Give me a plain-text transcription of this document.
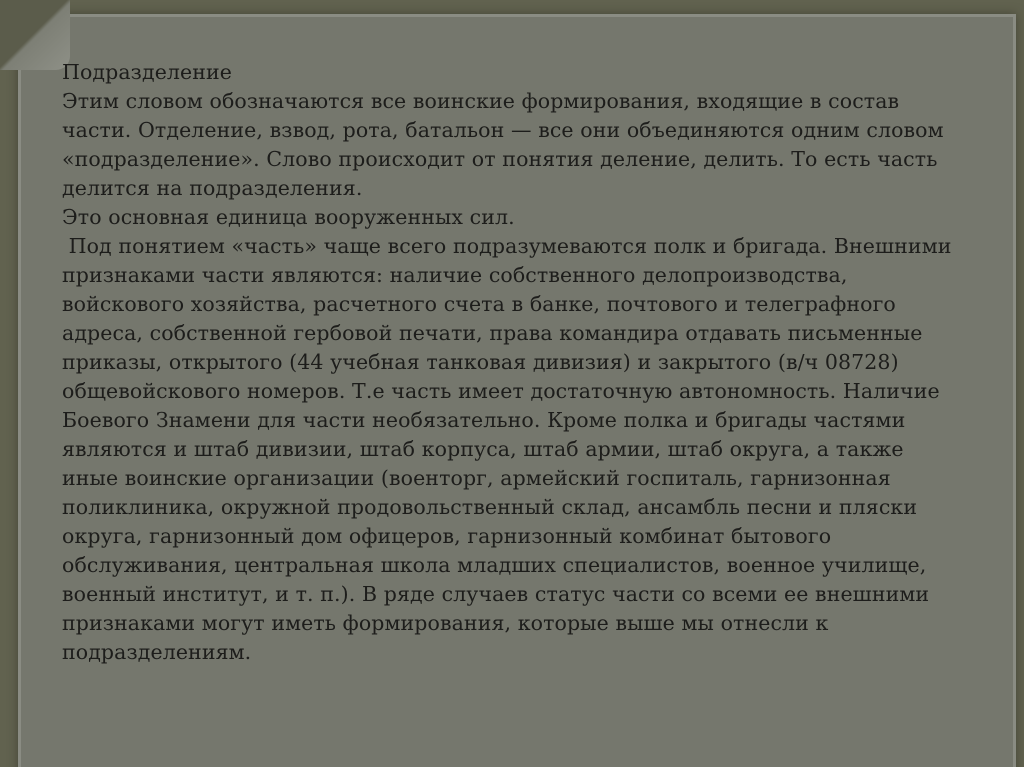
Подразделение

Этим словом обозначаются все воинские формирования, входящие в состав части. Отделение, взвод, рота, батальон — все они объединяются одним словом «подразделение». Слово происходит от понятия деление, делить. То есть часть делится на подразделения.

Это основная единица вооруженных сил.

Под понятием «часть» чаще всего подразумеваются полк и бригада. Внешними признаками части являются: наличие собственного делопроизводства, войскового хозяйства, расчетного счета в банке, почтового и телеграфного адреса, собственной гербовой печати, права командира отдавать письменные приказы, открытого (44 учебная танковая дивизия) и закрытого (в/ч 08728) общевойскового номеров. Т.е часть имеет достаточную автономность. Наличие Боевого Знамени для части необязательно. Кроме полка и бригады частями являются и штаб дивизии, штаб корпуса, штаб армии, штаб округа, а также иные воинские организации (военторг, армейский госпиталь, гарнизонная поликлиника, окружной продовольственный склад, ансамбль песни и пляски округа, гарнизонный дом офицеров, гарнизонный комбинат бытового обслуживания, центральная школа младших специалистов, военное училище, военный институт, и т. п.). В ряде случаев статус части со всеми ее внешними признаками могут иметь формирования, которые выше мы отнесли к подразделениям.
